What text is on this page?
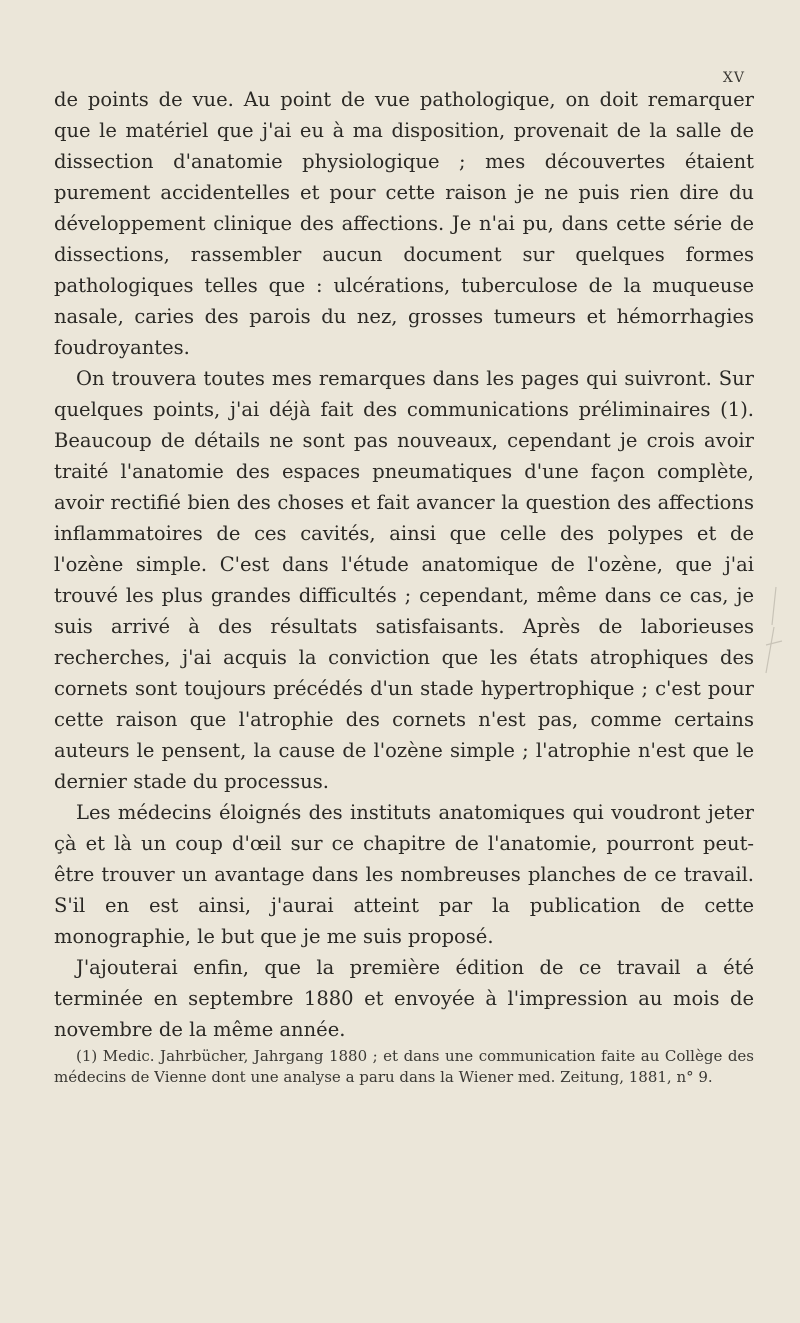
XV

de points de vue. Au point de vue pathologique, on doit remarquer que le matériel que j'ai eu à ma disposition, provenait de la salle de dissection d'anatomie physiologique ; mes découvertes étaient purement accidentelles et pour cette raison je ne puis rien dire du développement clinique des affections. Je n'ai pu, dans cette série de dissections, rassembler aucun document sur quelques formes pathologiques telles que : ulcérations, tuberculose de la muqueuse nasale, caries des parois du nez, grosses tumeurs et hémorrhagies foudroyantes.

On trouvera toutes mes remarques dans les pages qui suivront. Sur quelques points, j'ai déjà fait des communications préliminaires (1). Beaucoup de détails ne sont pas nouveaux, cependant je crois avoir traité l'anatomie des espaces pneumatiques d'une façon complète, avoir rectifié bien des choses et fait avancer la question des affections inflammatoires de ces cavités, ainsi que celle des polypes et de l'ozène simple. C'est dans l'étude anatomique de l'ozène, que j'ai trouvé les plus grandes difficultés ; cependant, même dans ce cas, je suis arrivé à des résultats satisfaisants. Après de laborieuses recherches, j'ai acquis la conviction que les états atrophiques des cornets sont toujours précédés d'un stade hypertrophique ; c'est pour cette raison que l'atrophie des cornets n'est pas, comme certains auteurs le pensent, la cause de l'ozène simple ; l'atrophie n'est que le dernier stade du processus.

Les médecins éloignés des instituts anatomiques qui voudront jeter çà et là un coup d'œil sur ce chapitre de l'anatomie, pourront peut-être trouver un avantage dans les nombreuses planches de ce travail. S'il en est ainsi, j'aurai atteint par la publication de cette monographie, le but que je me suis proposé.

J'ajouterai enfin, que la première édition de ce travail a été terminée en septembre 1880 et envoyée à l'impression au mois de novembre de la même année.

(1) Medic. Jahrbücher, Jahrgang 1880 ; et dans une communication faite au Collège des médecins de Vienne dont une analyse a paru dans la Wiener med. Zeitung, 1881, n° 9.
